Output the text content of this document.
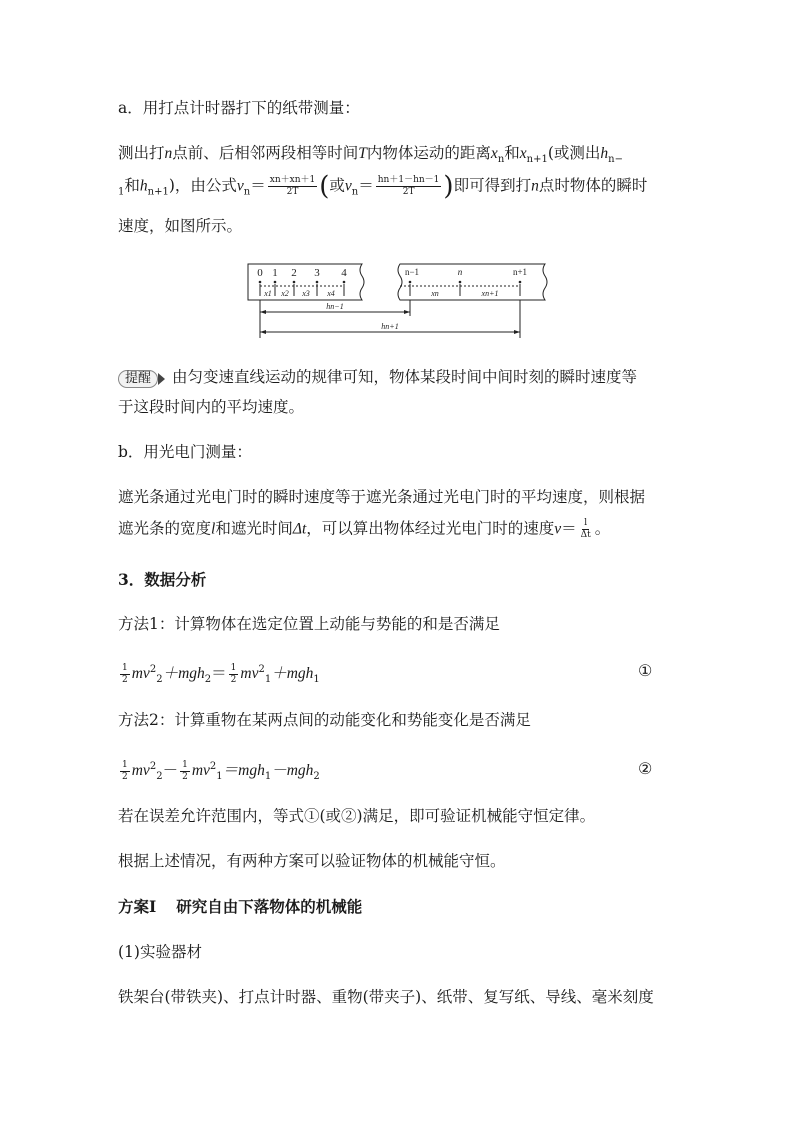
a．用打点计时器打下的纸带测量：
测出打n点前、后相邻两段相等时间T内物体运动的距离$x_n$和$x_{n+1}$(或测出$h_{n-}$
$_1$和$h_{n+1}$)，由公式$v_n= \frac{xn+xn+1}{2T}$ (或$v_n= \frac{hn+1-hn-1}{2T}$ )即可得到打n点时物体的瞬时
速度，如图所示。
0 1 2 3 4	n−1	n	n+1
x1 x2 x3 x4	xn	xn+1
hn−1
hn+1
提醒 由匀变速直线运动的规律可知，物体某段时间中间时刻的瞬时速度等
于这段时间内的平均速度。
b．用光电门测量：
遮光条通过光电门时的瞬时速度等于遮光条通过光电门时的平均速度，则根据
遮光条的宽度l和遮光时间Δt，可以算出物体经过光电门时的速度$v= \frac{l}{\Delta t}$ 。
3．数据分析
方法1：计算物体在选定位置上动能与势能的和是否满足
$\frac{1}{2} mv^2_2+mgh_2= \frac{1}{2} mv^2_1+mgh_1$	①
方法2：计算重物在某两点间的动能变化和势能变化是否满足
$\frac{1}{2} mv^2_2- \frac{1}{2} mv^2_1=mgh_1-mgh_2$	②
若在误差允许范围内，等式①(或②)满足，即可验证机械能守恒定律。
根据上述情况，有两种方案可以验证物体的机械能守恒。
方案Ⅰ 研究自由下落物体的机械能
(1)实验器材
铁架台(带铁夹)、打点计时器、重物(带夹子)、纸带、复写纸、导线、毫米刻度
